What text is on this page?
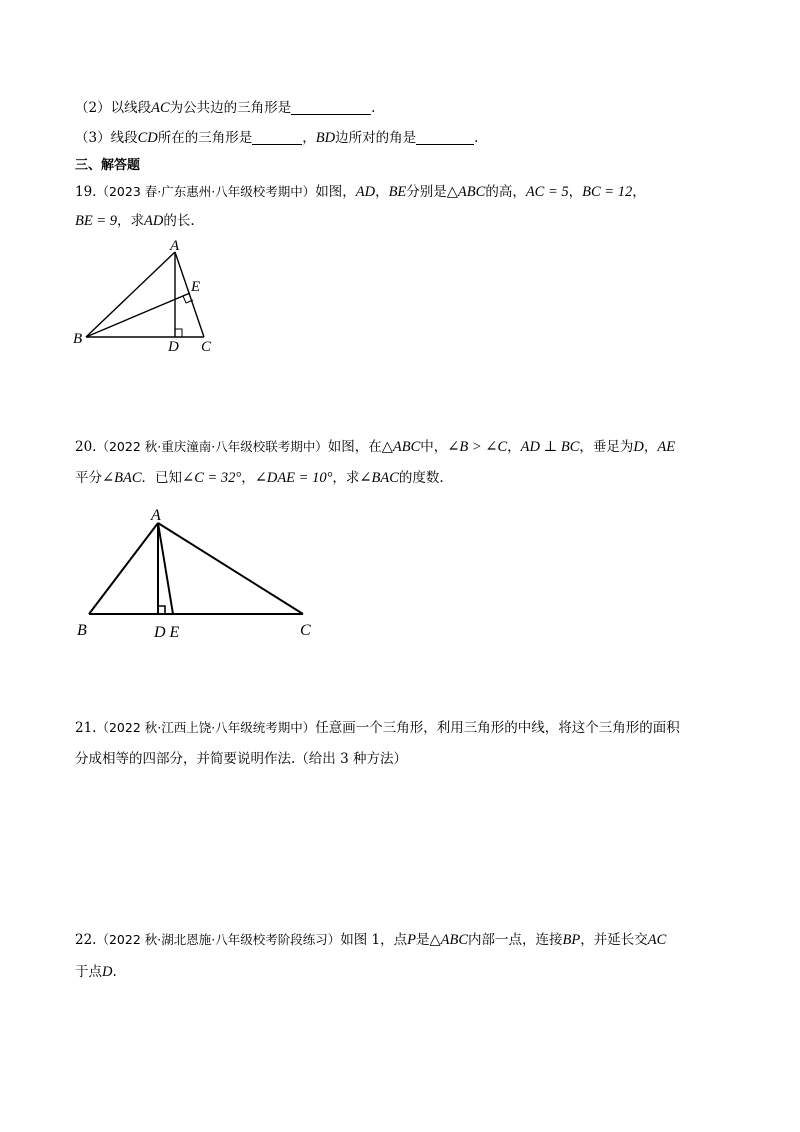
（2）以线段AC为公共边的三角形是	.
（3）线段CD所在的三角形是	，BD边所对的角是	.
三、解答题
19.（2023 春·广东惠州·八年级校考期中）如图，AD，BE分别是△ABC的高，AC = 5，BC = 12，
BE = 9，求AD的长.
A
B	C
D
E
20.（2022 秋·重庆潼南·八年级校联考期中）如图，在△ABC中，∠B > ∠C，AD ⊥ BC，垂足为D，AE
平分∠BAC．已知∠C = 32°，∠DAE = 10°，求∠BAC的度数.
A
B	C
D E
21.（2022 秋·江西上饶·八年级统考期中）任意画一个三角形，利用三角形的中线，将这个三角形的面积
分成相等的四部分，并简要说明作法.（给出 3 种方法）
22.（2022 秋·湖北恩施·八年级校考阶段练习）如图 1，点P是△ABC内部一点，连接BP，并延长交AC
于点D.
